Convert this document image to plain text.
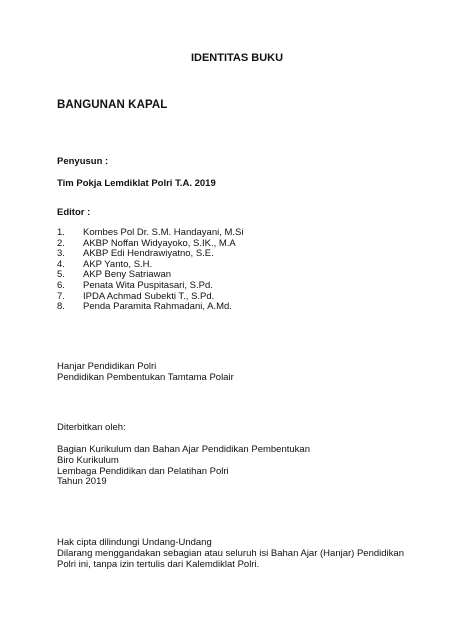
IDENTITAS BUKU
BANGUNAN KAPAL
Penyusun :
Tim Pokja Lemdiklat Polri T.A. 2019
Editor :
1. Kombes Pol Dr. S.M. Handayani, M.Si
2. AKBP Noffan Widyayoko, S.IK., M.A
3. AKBP Edi Hendrawiyatno, S.E.
4. AKP Yanto, S.H.
5. AKP Beny Satriawan
6. Penata Wita Puspitasari, S.Pd.
7. IPDA Achmad Subekti T., S.Pd.
8. Penda Paramita Rahmadani, A.Md.
Hanjar Pendidikan Polri
Pendidikan Pembentukan Tamtama Polair
Diterbitkan oleh:
Bagian Kurikulum dan Bahan Ajar Pendidikan Pembentukan
Biro Kurikulum
Lembaga Pendidikan dan Pelatihan Polri
Tahun 2019
Hak cipta dilindungi Undang-Undang
Dilarang menggandakan sebagian atau seluruh isi Bahan Ajar (Hanjar) Pendidikan
Polri ini, tanpa izin tertulis dari Kalemdiklat Polri.
